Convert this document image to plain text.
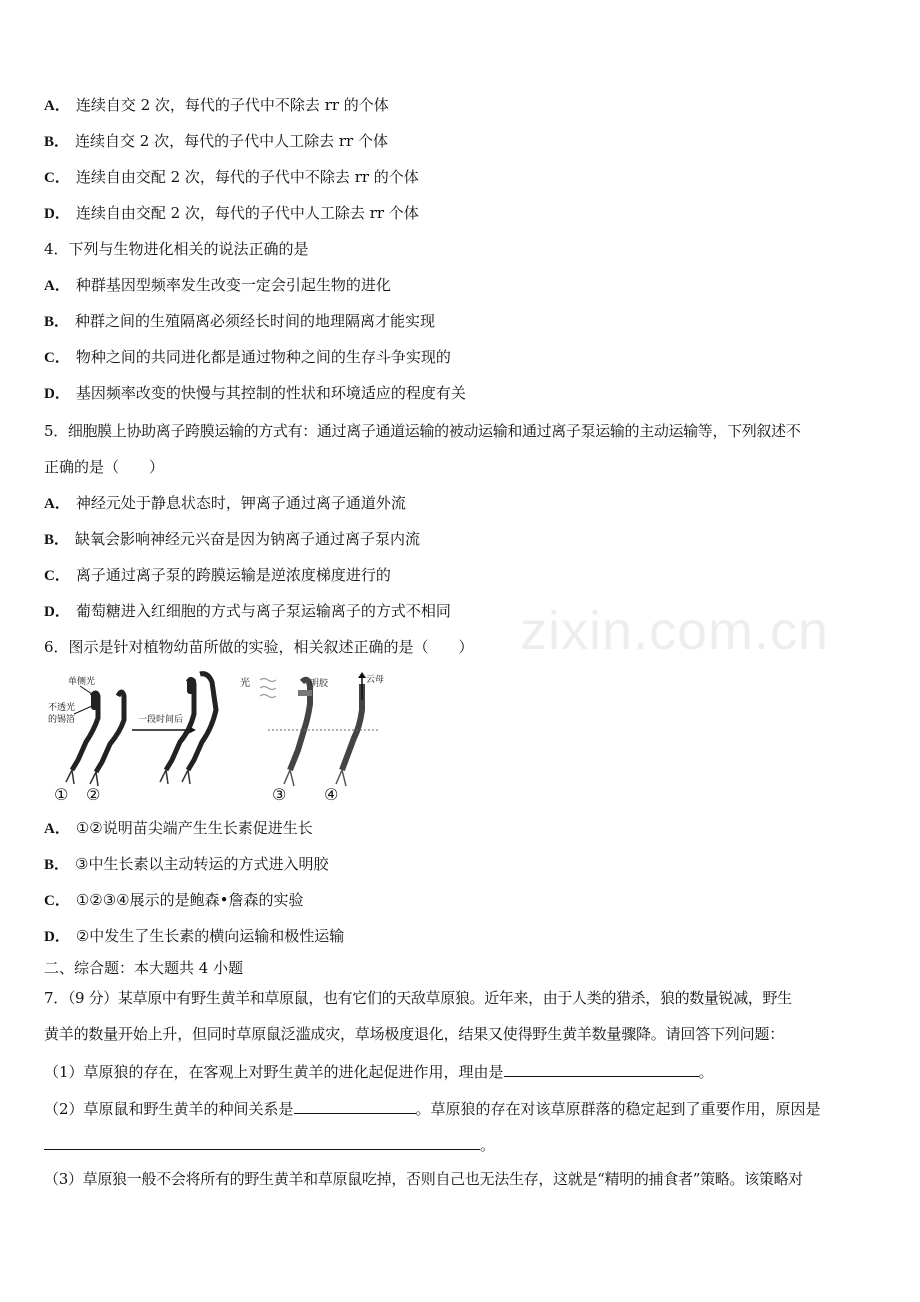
A． 连续自交 2 次，每代的子代中不除去 rr 的个体
B． 连续自交 2 次，每代的子代中人工除去 rr 个体
C． 连续自由交配 2 次，每代的子代中不除去 rr 的个体
D． 连续自由交配 2 次，每代的子代中人工除去 rr 个体
4．下列与生物进化相关的说法正确的是
A． 种群基因型频率发生改变一定会引起生物的进化
B． 种群之间的生殖隔离必须经长时间的地理隔离才能实现
C． 物种之间的共同进化都是通过物种之间的生存斗争实现的
D． 基因频率改变的快慢与其控制的性状和环境适应的程度有关
5．细胞膜上协助离子跨膜运输的方式有：通过离子通道运输的被动运输和通过离子泵运输的主动运输等，下列叙述不
正确的是（　　）
A． 神经元处于静息状态时，钾离子通过离子通道外流
B． 缺氧会影响神经元兴奋是因为钠离子通过离子泵内流
C． 离子通过离子泵的跨膜运输是逆浓度梯度进行的
D． 葡萄糖进入红细胞的方式与离子泵运输离子的方式不相同 zixin.com.cn
6．图示是针对植物幼苗所做的实验，相关叙述正确的是（　　）
单侧光
不透光
的锡箔	一段时间后
光	明胶	云母
① ②	③ ④
A． ①②说明苗尖端产生生长素促进生长
B． ③中生长素以主动转运的方式进入明胶
C． ①②③④展示的是鲍森•詹森的实验
D． ②中发生了生长素的横向运输和极性运输
二、综合题：本大题共 4 小题
7．（9 分）某草原中有野生黄羊和草原鼠，也有它们的天敌草原狼。近年来，由于人类的猎杀，狼的数量锐减，野生
黄羊的数量开始上升，但同时草原鼠泛滥成灾，草场极度退化，结果又使得野生黄羊数量骤降。请回答下列问题：
（1）草原狼的存在，在客观上对野生黄羊的进化起促进作用，理由是	。
（2）草原鼠和野生黄羊的种间关系是	。草原狼的存在对该草原群落的稳定起到了重要作用，原因是
。
（3）草原狼一般不会将所有的野生黄羊和草原鼠吃掉，否则自己也无法生存，这就是“精明的捕食者”策略。该策略对
